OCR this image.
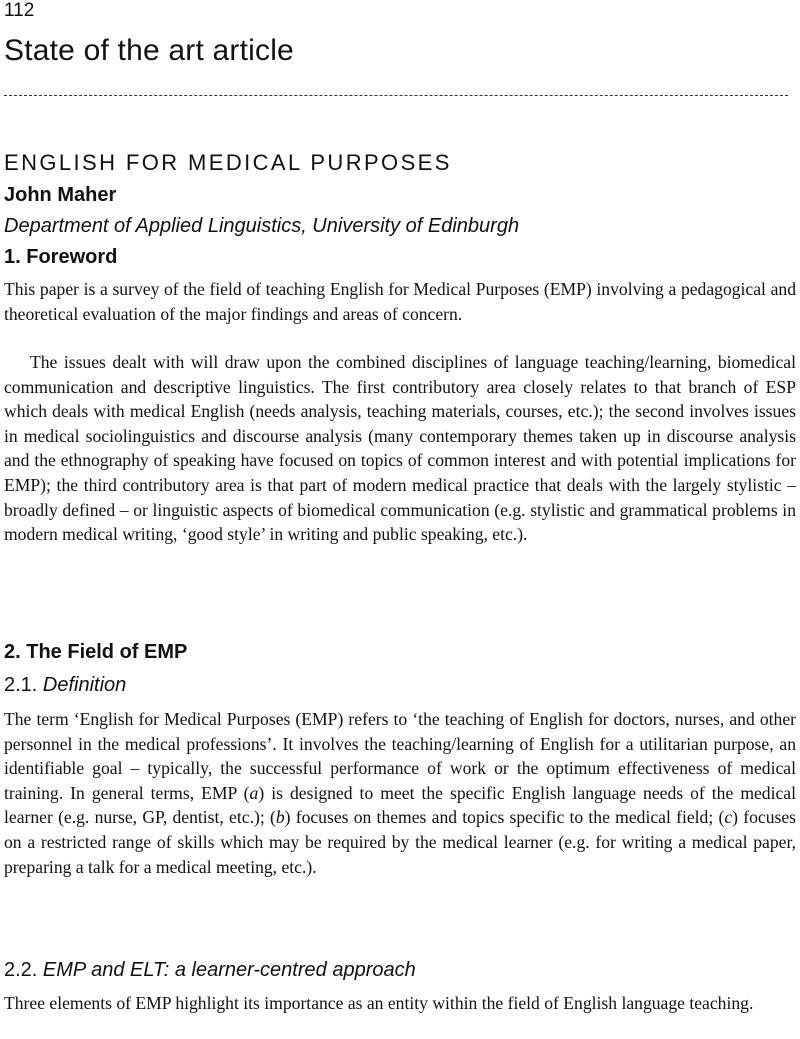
112
State of the art article
ENGLISH FOR MEDICAL PURPOSES
John Maher
Department of Applied Linguistics, University of Edinburgh
1. Foreword

This paper is a survey of the field of teaching English for Medical Purposes (EMP) involving a pedagogical and theoretical evaluation of the major findings and areas of concern.

The issues dealt with will draw upon the combined disciplines of language teaching/learning, biomedical communication and descriptive linguistics. The first contributory area closely relates to that branch of ESP which deals with medical English (needs analysis, teaching materials, courses, etc.); the second involves issues in medical sociolinguistics and discourse analysis (many contemporary themes taken up in discourse analysis and the ethnography of speaking have focused on topics of common interest and with potential implications for EMP); the third contributory area is that part of modern medical practice that deals with the largely stylistic – broadly defined – or linguistic aspects of biomedical communication (e.g. stylistic and grammatical problems in modern medical writing, ‘good style’ in writing and public speaking, etc.).

2. The Field of EMP
2.1. Definition

The term ‘English for Medical Purposes (EMP) refers to ‘the teaching of English for doctors, nurses, and other personnel in the medical professions’. It involves the teaching/learning of English for a utilitarian purpose, an identifiable goal – typically, the successful performance of work or the optimum effectiveness of medical training. In general terms, EMP (a) is designed to meet the specific English language needs of the medical learner (e.g. nurse, GP, dentist, etc.); (b) focuses on themes and topics specific to the medical field; (c) focuses on a restricted range of skills which may be required by the medical learner (e.g. for writing a medical paper, preparing a talk for a medical meeting, etc.).

2.2. EMP and ELT: a learner-centred approach

Three elements of EMP highlight its importance as an entity within the field of English language teaching.
